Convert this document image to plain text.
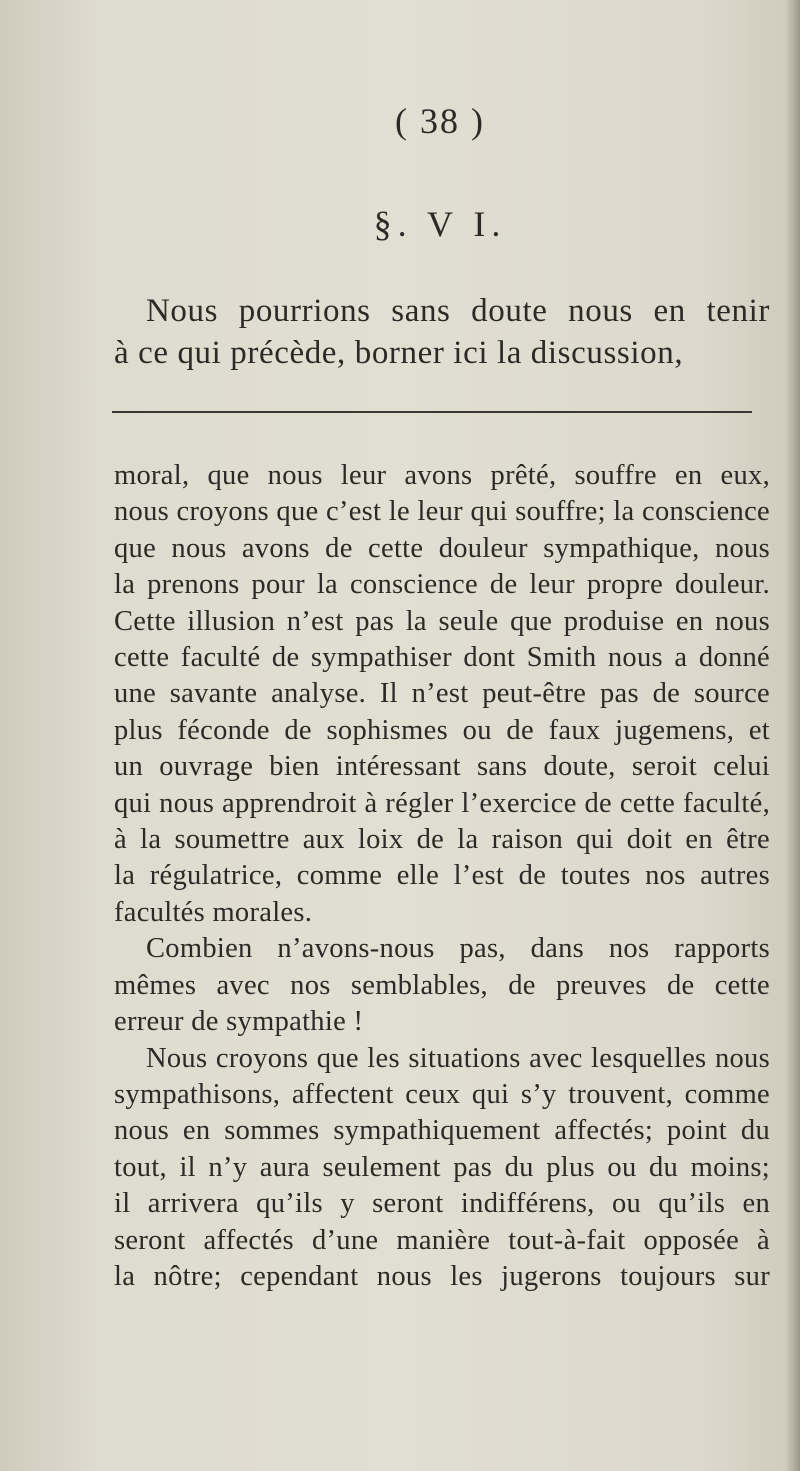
( 38 )
§. V I.
Nous pourrions sans doute nous en tenir
à ce qui précède, borner ici la discussion,
moral, que nous leur avons prêté, souffre en eux,
nous croyons que c’est le leur qui souffre; la conscience
que nous avons de cette douleur sympathique, nous
la prenons pour la conscience de leur propre douleur.
Cette illusion n’est pas la seule que produise en nous
cette faculté de sympathiser dont Smith nous a donné
une savante analyse. Il n’est peut-être pas de source
plus féconde de sophismes ou de faux jugemens, et
un ouvrage bien intéressant sans doute, seroit celui
qui nous apprendroit à régler l’exercice de cette faculté,
à la soumettre aux loix de la raison qui doit en être
la régulatrice, comme elle l’est de toutes nos autres
facultés morales.
Combien n’avons-nous pas, dans nos rapports
mêmes avec nos semblables, de preuves de cette
erreur de sympathie !
Nous croyons que les situations avec lesquelles nous
sympathisons, affectent ceux qui s’y trouvent, comme
nous en sommes sympathiquement affectés; point du
tout, il n’y aura seulement pas du plus ou du moins;
il arrivera qu’ils y seront indifférens, ou qu’ils en
seront affectés d’une manière tout-à-fait opposée à
la nôtre; cependant nous les jugerons toujours sur
